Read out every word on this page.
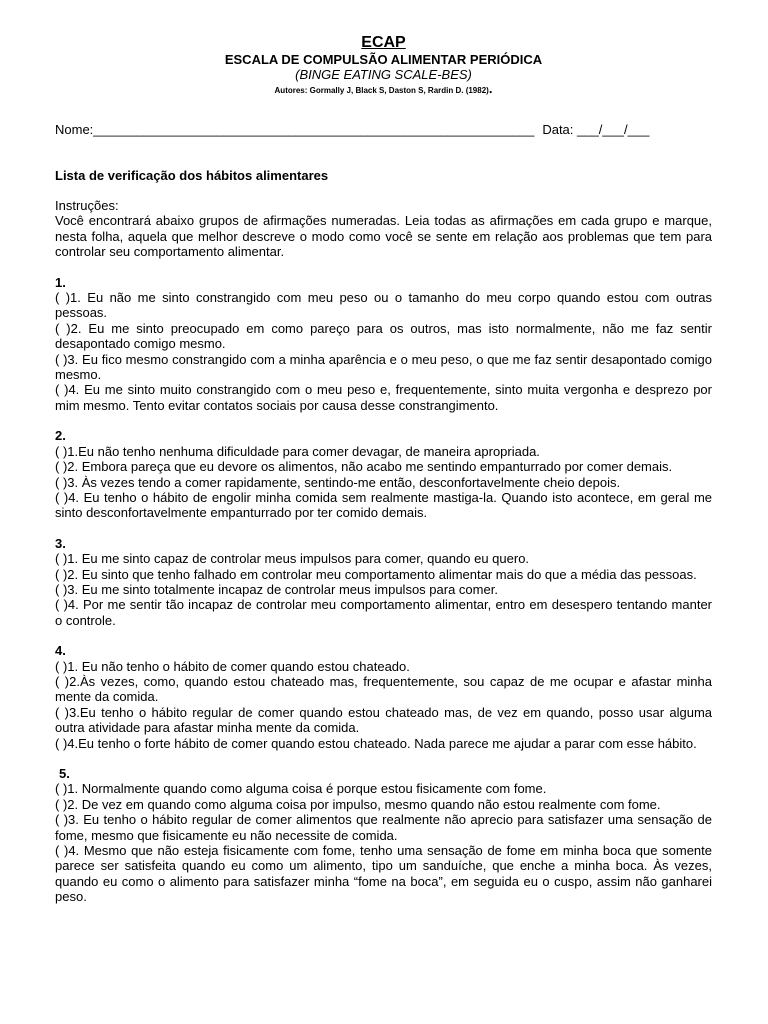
ECAP
ESCALA DE COMPULSÃO ALIMENTAR PERIÓDICA
(BINGE EATING SCALE-BES)
Autores: Gormally J, Black S, Daston S, Rardin D. (1982).
Nome:_____________________________________________________________ Data: ___/___/___
Lista de verificação dos hábitos alimentares
Instruções:

Você encontrará abaixo grupos de afirmações numeradas. Leia todas as afirmações em cada grupo e marque, nesta folha, aquela que melhor descreve o modo como você se sente em relação aos problemas que tem para controlar seu comportamento alimentar.

1.

( )1. Eu não me sinto constrangido com meu peso ou o tamanho do meu corpo quando estou com outras pessoas.

( )2. Eu me sinto preocupado em como pareço para os outros, mas isto normalmente, não me faz sentir desapontado comigo mesmo.

( )3. Eu fico mesmo constrangido com a minha aparência e o meu peso, o que me faz sentir desapontado comigo mesmo.

( )4. Eu me sinto muito constrangido com o meu peso e, frequentemente, sinto muita vergonha e desprezo por mim mesmo. Tento evitar contatos sociais por causa desse constrangimento.

2.

( )1.Eu não tenho nenhuma dificuldade para comer devagar, de maneira apropriada.

( )2. Embora pareça que eu devore os alimentos, não acabo me sentindo empanturrado por comer demais.

( )3. Às vezes tendo a comer rapidamente, sentindo-me então, desconfortavelmente cheio depois.

( )4. Eu tenho o hábito de engolir minha comida sem realmente mastiga-la. Quando isto acontece, em geral me sinto desconfortavelmente empanturrado por ter comido demais.

3.

( )1. Eu me sinto capaz de controlar meus impulsos para comer, quando eu quero.

( )2. Eu sinto que tenho falhado em controlar meu comportamento alimentar mais do que a média das pessoas.

( )3. Eu me sinto totalmente incapaz de controlar meus impulsos para comer.

( )4. Por me sentir tão incapaz de controlar meu comportamento alimentar, entro em desespero tentando manter o controle.

4.

( )1. Eu não tenho o hábito de comer quando estou chateado.

( )2.Às vezes, como, quando estou chateado mas, frequentemente, sou capaz de me ocupar e afastar minha mente da comida.

( )3.Eu tenho o hábito regular de comer quando estou chateado mas, de vez em quando, posso usar alguma outra atividade para afastar minha mente da comida.

( )4.Eu tenho o forte hábito de comer quando estou chateado. Nada parece me ajudar a parar com esse hábito.

5.

( )1. Normalmente quando como alguma coisa é porque estou fisicamente com fome.

( )2. De vez em quando como alguma coisa por impulso, mesmo quando não estou realmente com fome.

( )3. Eu tenho o hábito regular de comer alimentos que realmente não aprecio para satisfazer uma sensação de fome, mesmo que fisicamente eu não necessite de comida.

( )4. Mesmo que não esteja fisicamente com fome, tenho uma sensação de fome em minha boca que somente parece ser satisfeita quando eu como um alimento, tipo um sanduíche, que enche a minha boca. Às vezes, quando eu como o alimento para satisfazer minha “fome na boca”, em seguida eu o cuspo, assim não ganharei peso.
